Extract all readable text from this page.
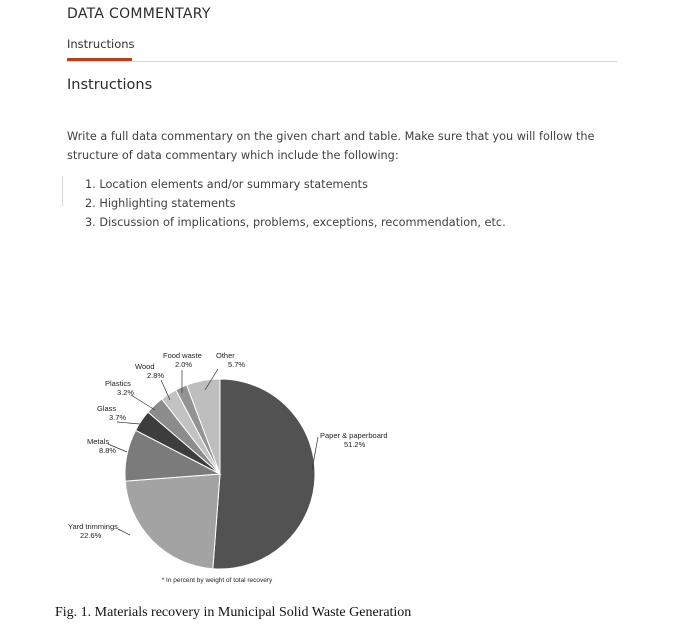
DATA COMMENTARY
Instructions
Instructions
Write a full data commentary on the given chart and table. Make sure that you will follow the structure of data commentary which include the following:
1. Location elements and/or summary statements
2. Highlighting statements
3. Discussion of implications, problems, exceptions, recommendation, etc.
Paper & paperboard
51.2%
Yard trimmings
22.6%
Metals
8.8%
Glass
3.7%
Plastics
3.2%
Wood
2.8%
Food waste
2.0%
Other
5.7%
* In percent by weight of total recovery
Fig. 1. Materials recovery in Municipal Solid Waste Generation
